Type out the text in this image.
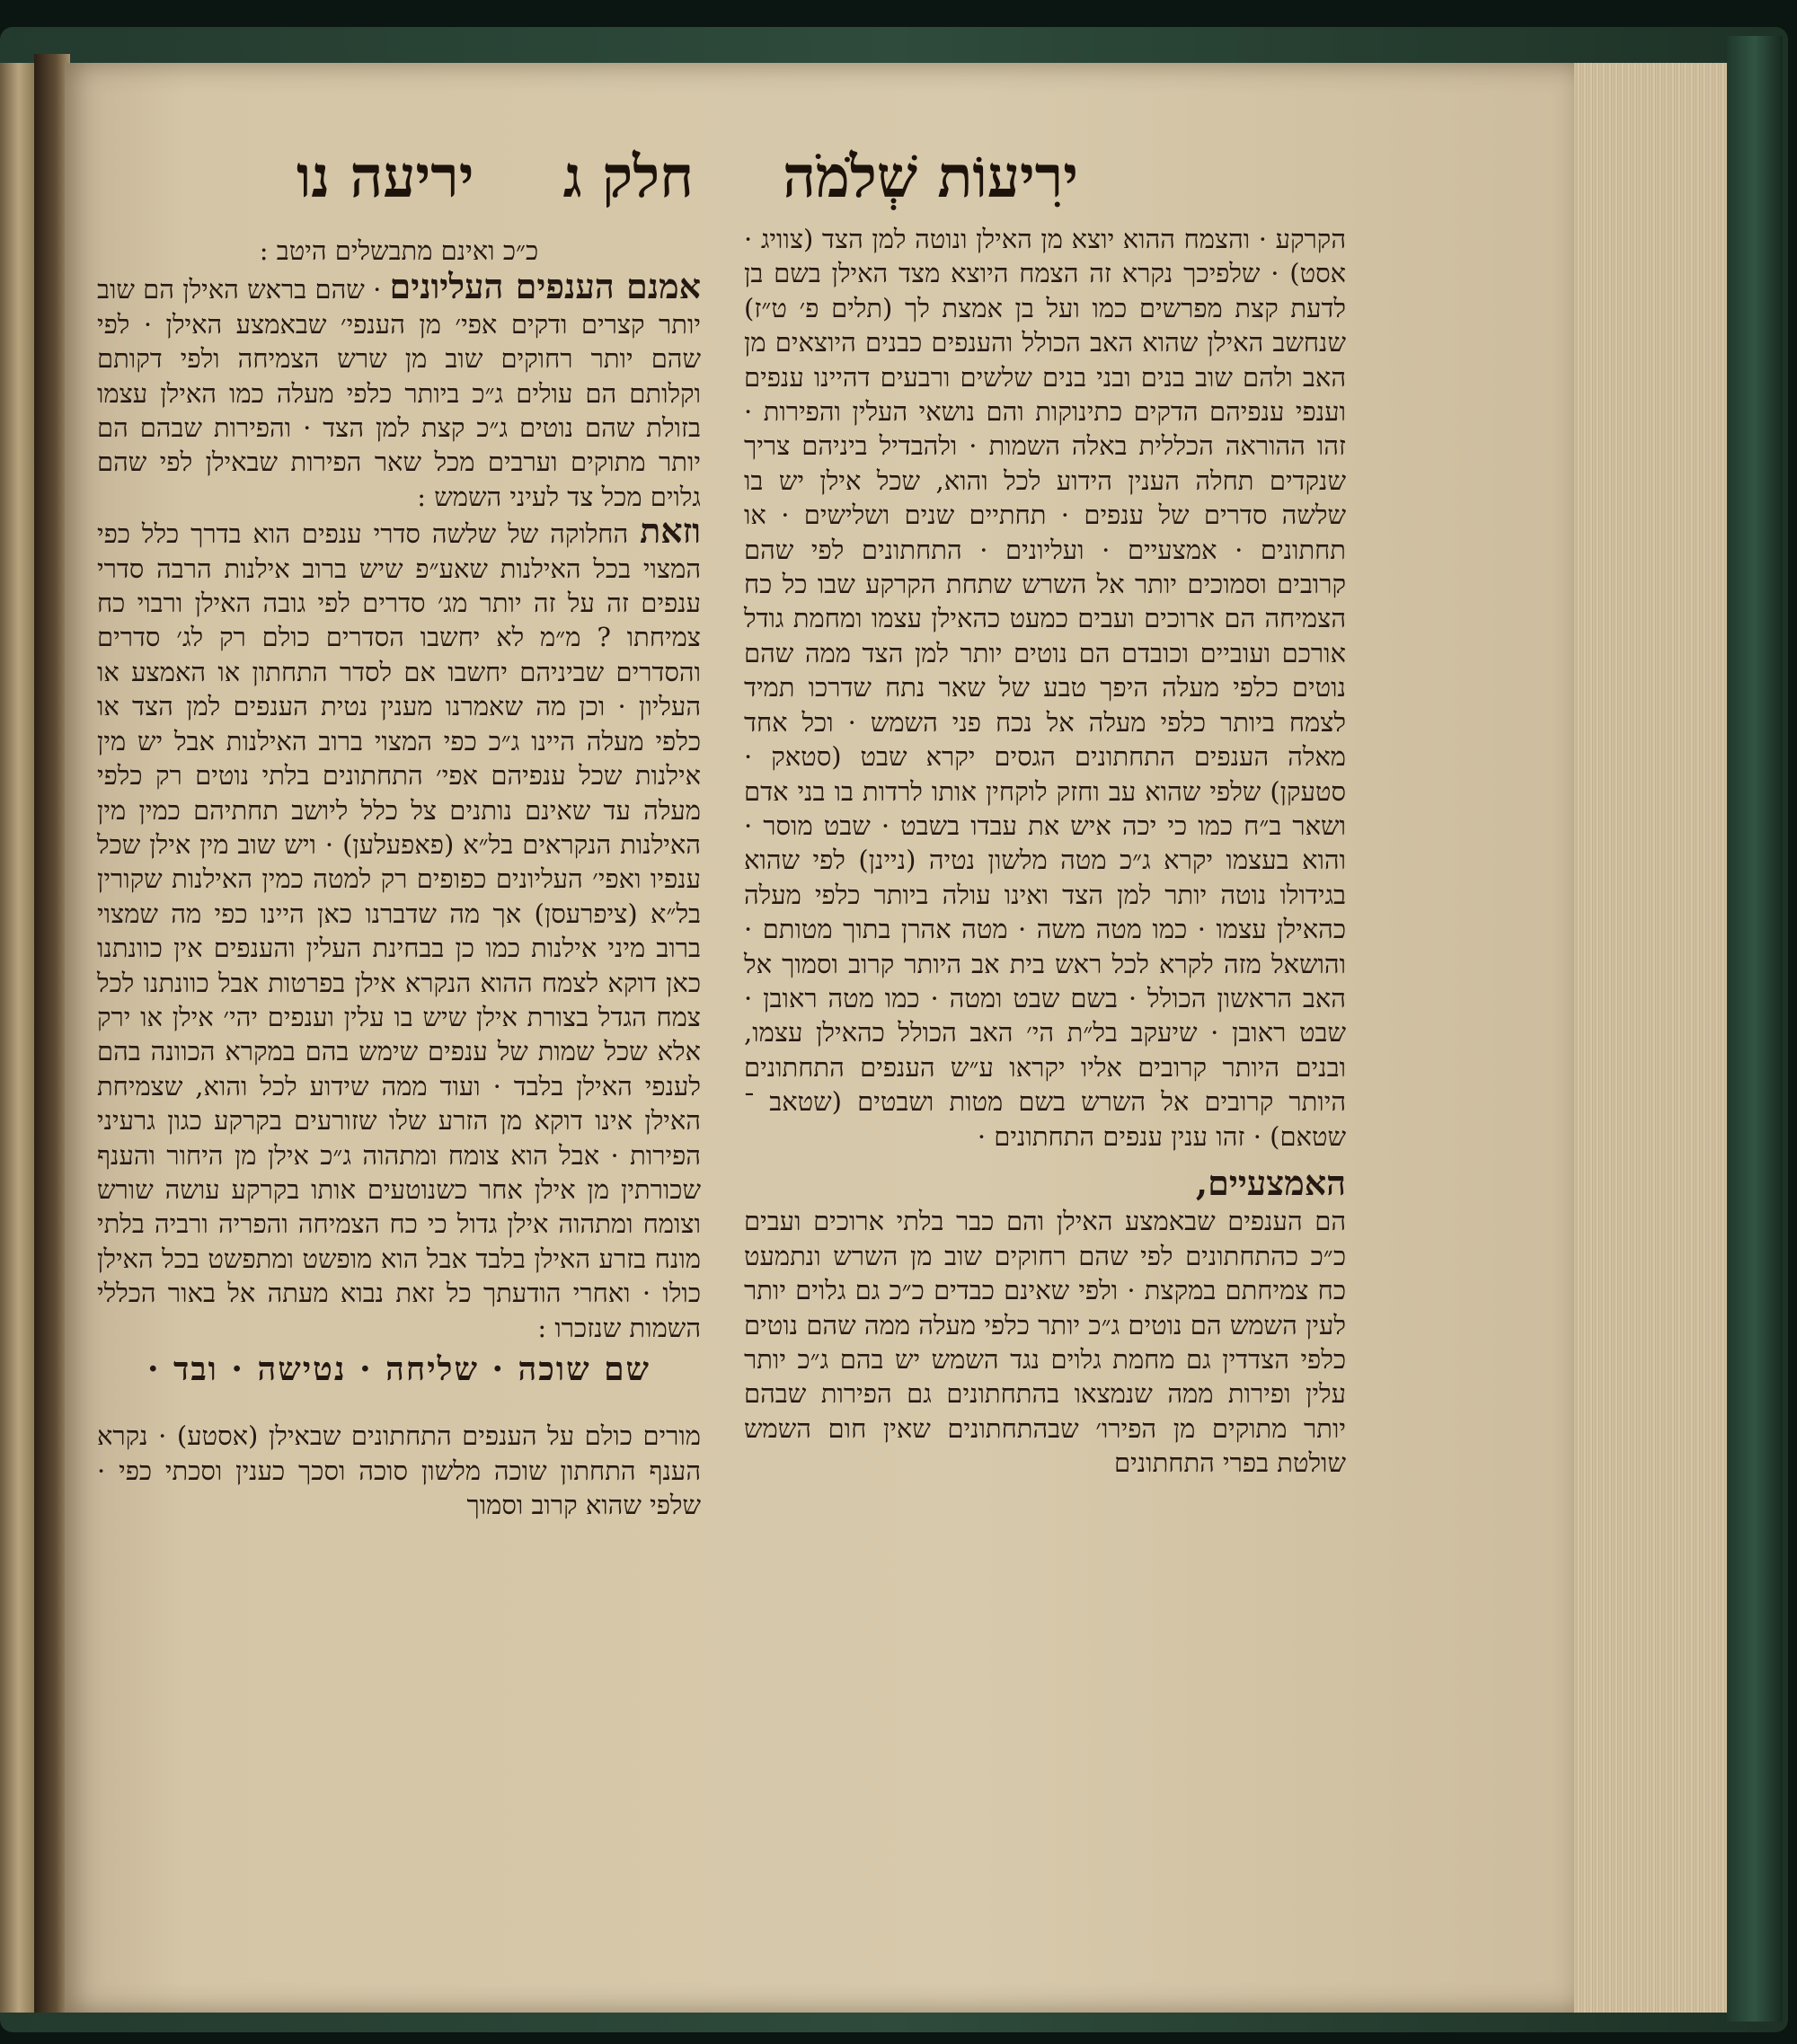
ירִיעוֹת שְׁלֹמֹה
חלק ג
יריעה נו

הקרקע · והצמח ההוא יוצא מן האילן ונוטה למן הצד (צוויג · אסט) · שלפיכך נקרא זה הצמח היוצא מצד האילן בשם בן לדעת קצת מפרשים כמו ועל בן אמצת לך (תלים פ׳ ט״ז) שנחשב האילן שהוא האב הכולל והענפים כבנים היוצאים מן האב ולהם שוב בנים ובני בנים שלשים ורבעים דהיינו ענפים וענפי ענפיהם הדקים כתינוקות והם נושאי העלין והפירות · זהו ההוראה הכללית באלה השמות · ולהבדיל ביניהם צריך שנקדים תחלה הענין הידוע לכל והוא, שכל אילן יש בו שלשה סדרים של ענפים · תחתיים שנים ושלישים · או תחתונים · אמצעיים · ועליונים · התחתונים לפי שהם קרובים וסמוכים יותר אל השרש שתחת הקרקע שבו כל כח הצמיחה הם ארוכים ועבים כמעט כהאילן עצמו ומחמת גודל אורכם ועוביים וכובדם הם נוטים יותר למן הצד ממה שהם נוטים כלפי מעלה היפך טבע של שאר נתח שדרכו תמיד לצמח ביותר כלפי מעלה אל נכח פני השמש · וכל אחד מאלה הענפים התחתונים הגסים יקרא שבט (סטאק · סטעקן) שלפי שהוא עב וחזק לוקחין אותו לרדות בו בני אדם ושאר ב״ח כמו כי יכה איש את עבדו בשבט · שבט מוסר · והוא בעצמו יקרא ג״כ מטה מלשון נטיה (ניינן) לפי שהוא בגידולו נוטה יותר למן הצד ואינו עולה ביותר כלפי מעלה כהאילן עצמו · כמו מטה משה · מטה אהרן בתוך מטותם · והושאל מזה לקרא לכל ראש בית אב היותר קרוב וסמוך אל האב הראשון הכולל · בשם שבט ומטה · כמו מטה ראובן · שבט ראובן · שיעקב בל״ת הי׳ האב הכולל כהאילן עצמו, ובנים היותר קרובים אליו יקראו ע״ש הענפים התחתונים היותר קרובים אל השרש בשם מטות ושבטים (שטאב ־ שטאם) · זהו ענין ענפים התחתונים ·

האמצעיים,

הם הענפים שבאמצע האילן והם כבר בלתי ארוכים ועבים כ״כ כהתחתונים לפי שהם רחוקים שוב מן השרש ונתמעט כח צמיחתם במקצת · ולפי שאינם כבדים כ״כ גם גלוים יותר לעין השמש הם נוטים ג״כ יותר כלפי מעלה ממה שהם נוטים כלפי הצדדין גם מחמת גלוים נגד השמש יש בהם ג״כ יותר עלין ופירות ממה שנמצאו בהתחתונים גם הפירות שבהם יותר מתוקים מן הפירו׳ שבהתחתונים שאין חום השמש שולטת בפרי התחתונים

כ״כ ואינם מתבשלים היטב :

אמנם הענפים העליונים · שהם בראש האילן הם שוב יותר קצרים ודקים אפי׳ מן הענפי׳ שבאמצע האילן · לפי שהם יותר רחוקים שוב מן שרש הצמיחה ולפי דקותם וקלותם הם עולים ג״כ ביותר כלפי מעלה כמו האילן עצמו בזולת שהם נוטים ג״כ קצת למן הצד · והפירות שבהם הם יותר מתוקים וערבים מכל שאר הפירות שבאילן לפי שהם גלוים מכל צד לעיני השמש :

וזאת החלוקה של שלשה סדרי ענפים הוא בדרך כלל כפי המצוי בכל האילנות שאע״פ שיש ברוב אילנות הרבה סדרי ענפים זה על זה יותר מג׳ סדרים לפי גובה האילן ורבוי כח צמיחתו ? מ״מ לא יחשבו הסדרים כולם רק לג׳ סדרים והסדרים שביניהם יחשבו אם לסדר התחתון או האמצע או העליון · וכן מה שאמרנו מענין נטית הענפים למן הצד או כלפי מעלה היינו ג״כ כפי המצוי ברוב האילנות אבל יש מין אילנות שכל ענפיהם אפי׳ התחתונים בלתי נוטים רק כלפי מעלה עד שאינם נותנים צל כלל ליושב תחתיהם כמין מין האילנות הנקראים בל״א (פאפעלען) · ויש שוב מין אילן שכל ענפיו ואפי׳ העליונים כפופים רק למטה כמין האילנות שקורין בל״א (ציפרעסן) אך מה שדברנו כאן היינו כפי מה שמצוי ברוב מיני אילנות כמו כן בבחינת העלין והענפים אין כוונתנו כאן דוקא לצמח ההוא הנקרא אילן בפרטות אבל כוונתנו לכל צמח הגדל בצורת אילן שיש בו עלין וענפים יהי׳ אילן או ירק אלא שכל שמות של ענפים שימש בהם במקרא הכוונה בהם לענפי האילן בלבד · ועוד ממה שידוע לכל והוא, שצמיחת האילן אינו דוקא מן הזרע שלו שזורעים בקרקע כגון גרעיני הפירות · אבל הוא צומח ומתהוה ג״כ אילן מן היחור והענף שכורתין מן אילן אחר כשנוטעים אותו בקרקע עושה שורש וצומח ומתהוה אילן גדול כי כח הצמיחה והפריה ורביה בלתי מונח בזרע האילן בלבד אבל הוא מופשט ומתפשט בכל האילן כולו · ואחרי הודעתך כל זאת נבוא מעתה אל באור הכללי השמות שנזכרו :

שם שוכה · שליחה · נטישה · ובד ·

מורים כולם על הענפים התחתונים שבאילן (אסטע) · נקרא הענף התחתון שוכה מלשון סוכה וסכך כענין וסכתי כפי · שלפי שהוא קרוב וסמוך
